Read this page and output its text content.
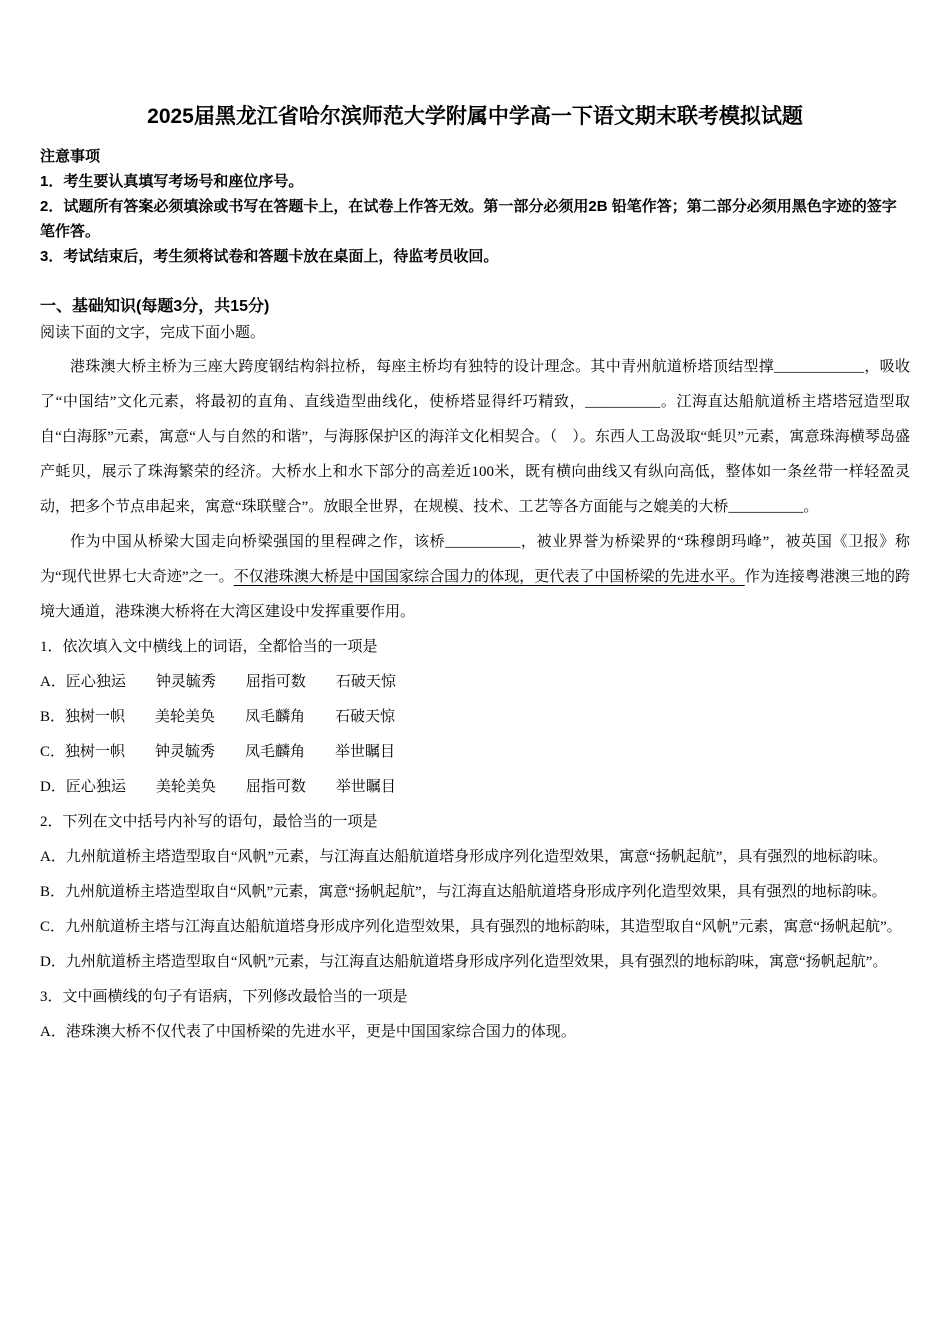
2025届黑龙江省哈尔滨师范大学附属中学高一下语文期末联考模拟试题
注意事项
1．考生要认真填写考场号和座位序号。
2．试题所有答案必须填涂或书写在答题卡上，在试卷上作答无效。第一部分必须用2B 铅笔作答；第二部分必须用黑色字迹的签字笔作答。
3．考试结束后，考生须将试卷和答题卡放在桌面上，待监考员收回。
一、基础知识(每题3分，共15分)

阅读下面的文字，完成下面小题。

港珠澳大桥主桥为三座大跨度钢结构斜拉桥，每座主桥均有独特的设计理念。其中青州航道桥塔顶结型撑____________，吸收了“中国结”文化元素，将最初的直角、直线造型曲线化，使桥塔显得纤巧精致，__________。江海直达船航道桥主塔塔冠造型取自“白海豚”元素，寓意“人与自然的和谐”，与海豚保护区的海洋文化相契合。（　）。东西人工岛汲取“蚝贝”元素，寓意珠海横琴岛盛产蚝贝，展示了珠海繁荣的经济。大桥水上和水下部分的高差近100米，既有横向曲线又有纵向高低，整体如一条丝带一样轻盈灵动，把多个节点串起来，寓意“珠联璧合”。放眼全世界，在规模、技术、工艺等各方面能与之媲美的大桥__________。

作为中国从桥梁大国走向桥梁强国的里程碑之作，该桥__________，被业界誉为桥梁界的“珠穆朗玛峰”，被英国《卫报》称为“现代世界七大奇迹”之一。不仅港珠澳大桥是中国国家综合国力的体现，更代表了中国桥梁的先进水平。作为连接粤港澳三地的跨境大通道，港珠澳大桥将在大湾区建设中发挥重要作用。

1．依次填入文中横线上的词语，全都恰当的一项是

A．匠心独运　　钟灵毓秀　　屈指可数　　石破天惊

B．独树一帜　　美轮美奂　　凤毛麟角　　石破天惊

C．独树一帜　　钟灵毓秀　　凤毛麟角　　举世瞩目

D．匠心独运　　美轮美奂　　屈指可数　　举世瞩目

2．下列在文中括号内补写的语句，最恰当的一项是

A．九州航道桥主塔造型取自“风帆”元素，与江海直达船航道塔身形成序列化造型效果，寓意“扬帆起航”，具有强烈的地标韵味。

B．九州航道桥主塔造型取自“风帆”元素，寓意“扬帆起航”，与江海直达船航道塔身形成序列化造型效果，具有强烈的地标韵味。

C．九州航道桥主塔与江海直达船航道塔身形成序列化造型效果，具有强烈的地标韵味，其造型取自“风帆”元素，寓意“扬帆起航”。

D．九州航道桥主塔造型取自“风帆”元素，与江海直达船航道塔身形成序列化造型效果，具有强烈的地标韵味，寓意“扬帆起航”。

3．文中画横线的句子有语病，下列修改最恰当的一项是

A．港珠澳大桥不仅代表了中国桥梁的先进水平，更是中国国家综合国力的体现。
